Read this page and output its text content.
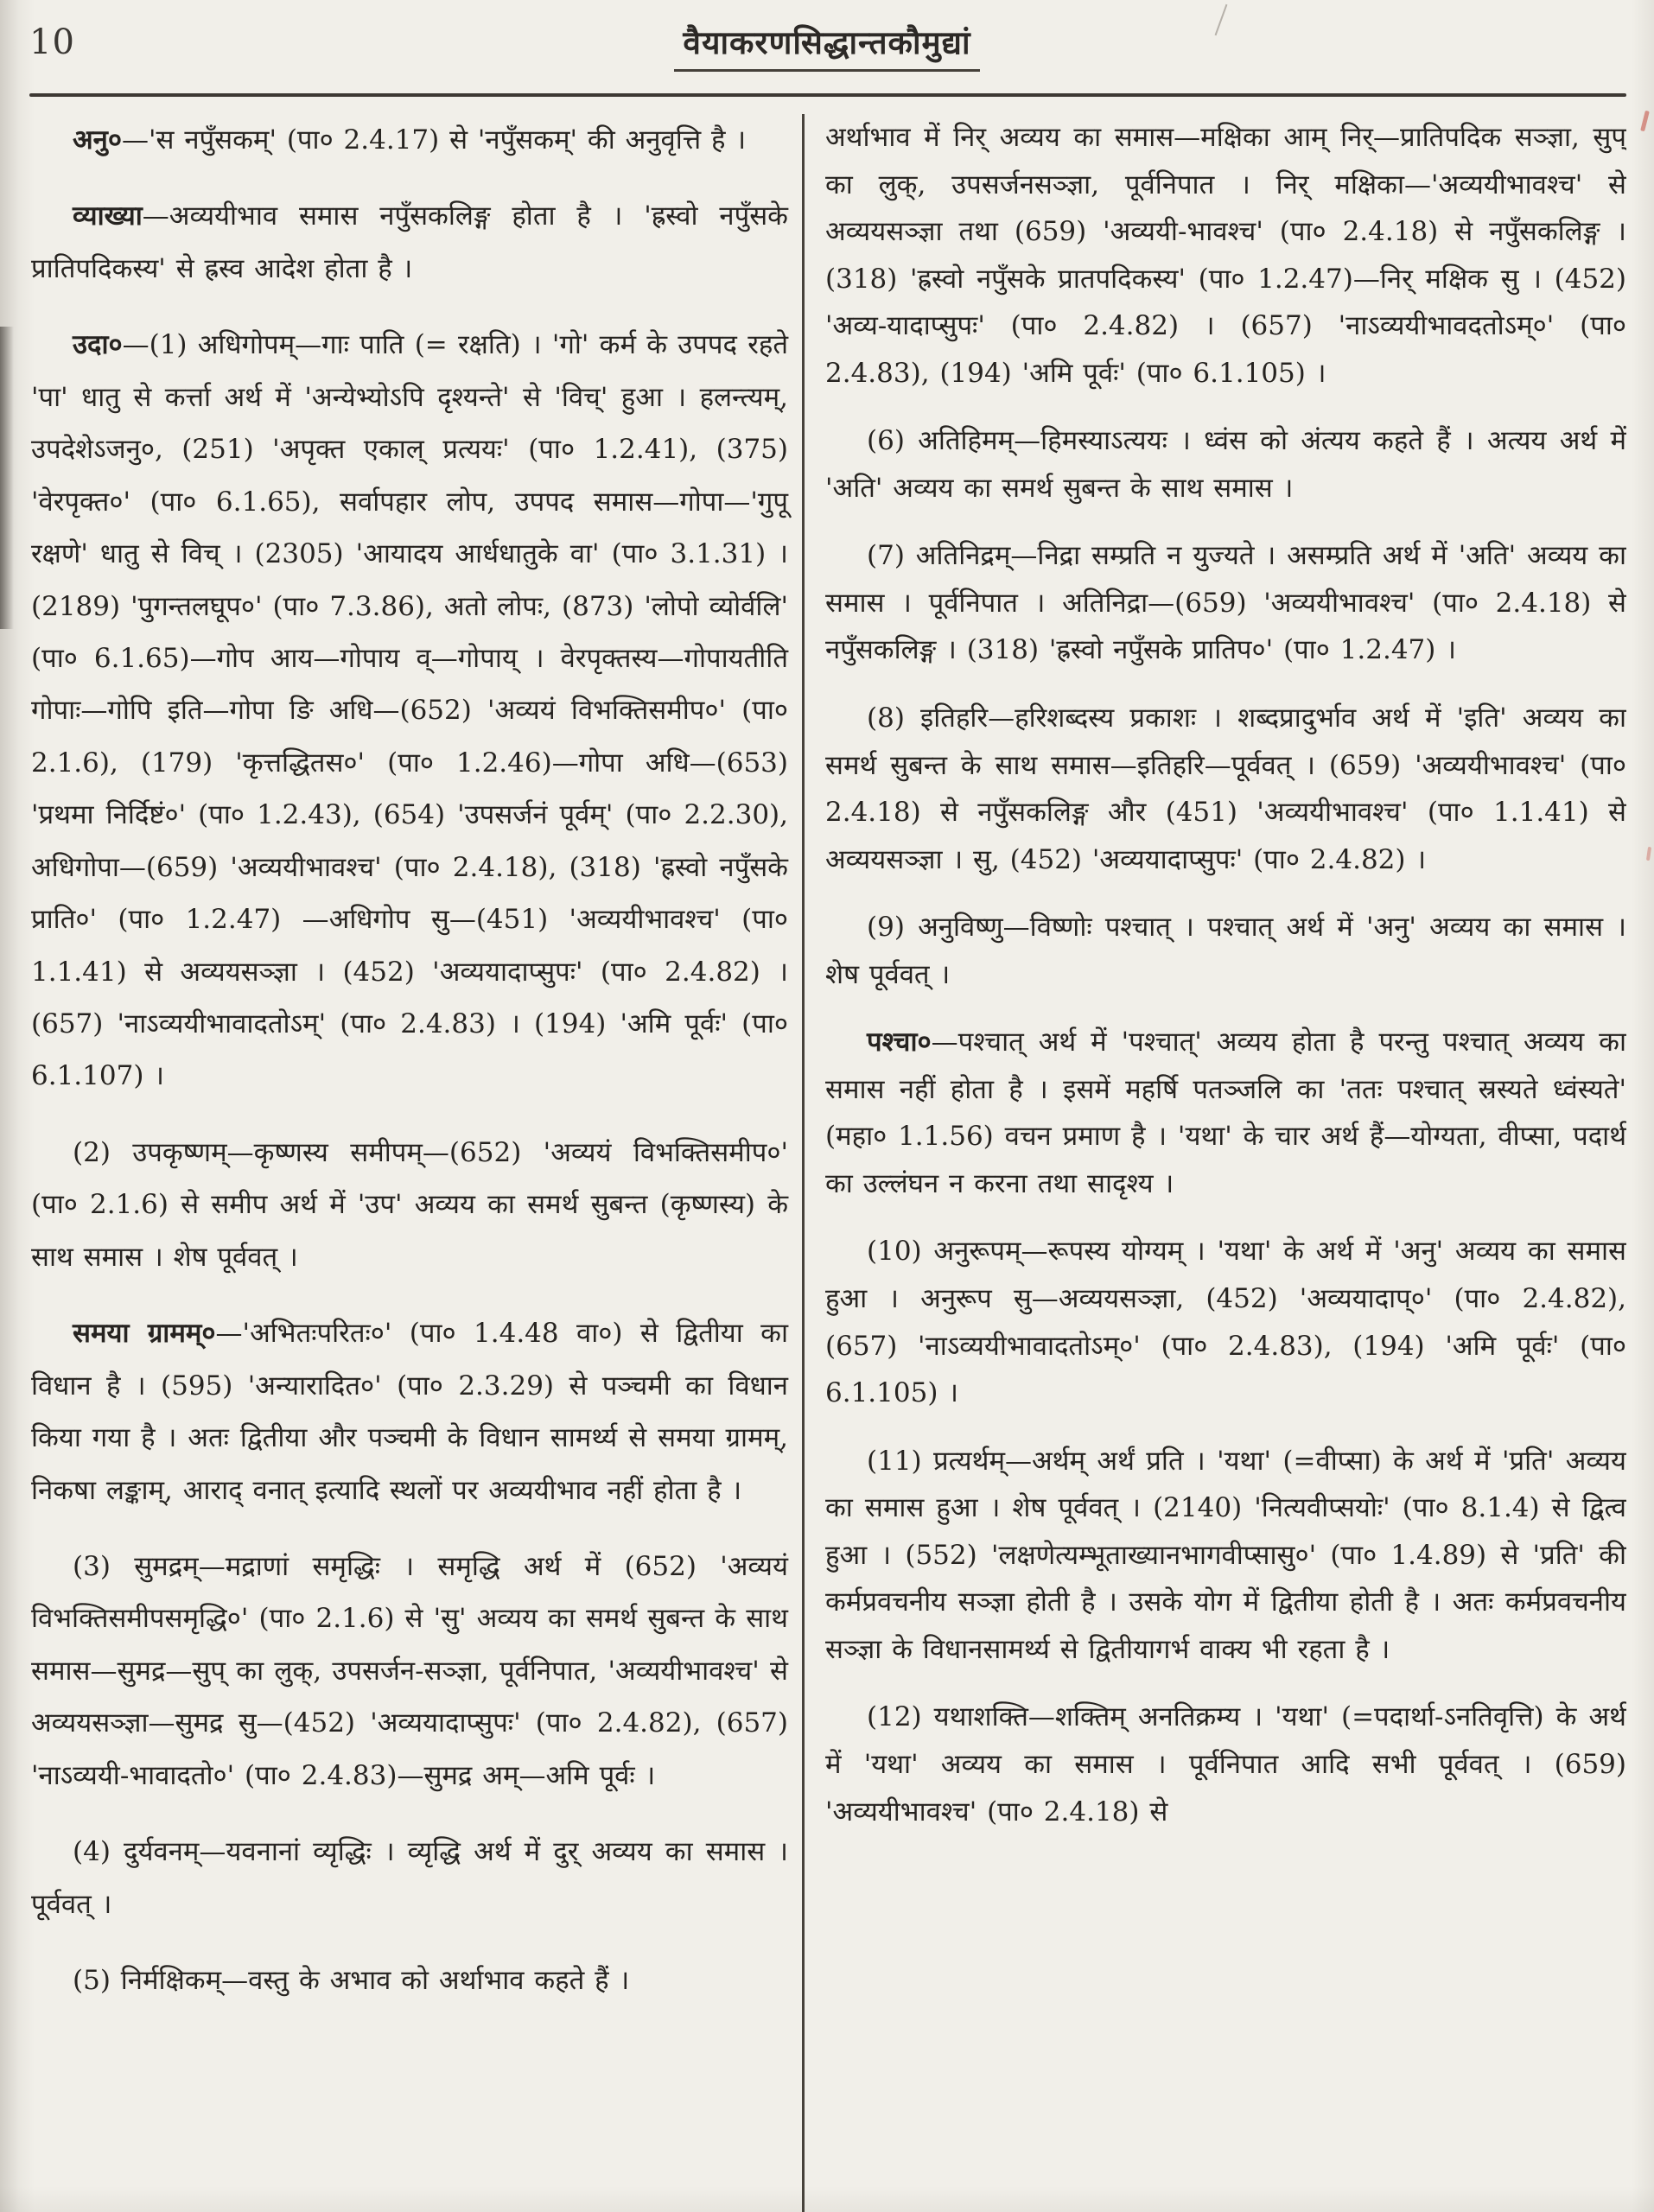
10	वैयाकरणसिद्धान्तकौमुद्यां

अनु०—'स नपुँसकम्' (पा० 2.4.17) से 'नपुँसकम्' की अनुवृत्ति है ।

व्याख्या—अव्ययीभाव समास नपुँसकलिङ्ग होता है । 'ह्रस्वो नपुँसके प्रातिपदिकस्य' से ह्रस्व आदेश होता है ।

उदा०—(1) अधिगोपम्—गाः पाति (= रक्षति) । 'गो' कर्म के उपपद रहते 'पा' धातु से कर्त्ता अर्थ में 'अन्येभ्योऽपि दृश्यन्ते' से 'विच्' हुआ । हलन्त्यम्, उपदेशेऽजनु०, (251) 'अपृक्त एकाल् प्रत्ययः' (पा० 1.2.41), (375) 'वेरपृक्त०' (पा० 6.1.65), सर्वापहार लोप, उपपद समास—गोपा—'गुपू रक्षणे' धातु से विच् । (2305) 'आयादय आर्धधातुके वा' (पा० 3.1.31) । (2189) 'पुगन्तलघूप०' (पा० 7.3.86), अतो लोपः, (873) 'लोपो व्योर्वलि' (पा० 6.1.65)—गोप आय—गोपाय व्—गोपाय् । वेरपृक्तस्य—गोपायतीति गोपाः—गोपि इति—गोपा ङि अधि—(652) 'अव्ययं विभक्तिसमीप०' (पा० 2.1.6), (179) 'कृत्तद्धितस०' (पा० 1.2.46)—गोपा अधि—(653) 'प्रथमा निर्दिष्टं०' (पा० 1.2.43), (654) 'उपसर्जनं पूर्वम्' (पा० 2.2.30), अधिगोपा—(659) 'अव्ययीभावश्च' (पा० 2.4.18), (318) 'ह्रस्वो नपुँसके प्राति०' (पा० 1.2.47) —अधिगोप सु—(451) 'अव्ययीभावश्च' (पा० 1.1.41) से अव्ययसञ्ज्ञा । (452) 'अव्ययादाप्सुपः' (पा० 2.4.82) । (657) 'नाऽव्ययीभावादतोऽम्' (पा० 2.4.83) । (194) 'अमि पूर्वः' (पा० 6.1.107) ।

(2) उपकृष्णम्—कृष्णस्य समीपम्—(652) 'अव्ययं विभक्तिसमीप०' (पा० 2.1.6) से समीप अर्थ में 'उप' अव्यय का समर्थ सुबन्त (कृष्णस्य) के साथ समास । शेष पूर्ववत् ।

समया ग्रामम्०—'अभितःपरितः०' (पा० 1.4.48 वा०) से द्वितीया का विधान है । (595) 'अन्यारादित०' (पा० 2.3.29) से पञ्चमी का विधान किया गया है । अतः द्वितीया और पञ्चमी के विधान सामर्थ्य से समया ग्रामम्, निकषा लङ्काम्, आराद् वनात् इत्यादि स्थलों पर अव्ययीभाव नहीं होता है ।

(3) सुमद्रम्—मद्राणां समृद्धिः । समृद्धि अर्थ में (652) 'अव्ययं विभक्तिसमीपसमृद्धि०' (पा० 2.1.6) से 'सु' अव्यय का समर्थ सुबन्त के साथ समास—सुमद्र—सुप् का लुक्, उपसर्जन-सञ्ज्ञा, पूर्वनिपात, 'अव्ययीभावश्च' से अव्ययसञ्ज्ञा—सुमद्र सु—(452) 'अव्ययादाप्सुपः' (पा० 2.4.82), (657) 'नाऽव्ययी-भावादतो०' (पा० 2.4.83)—सुमद्र अम्—अमि पूर्वः ।

(4) दुर्यवनम्—यवनानां व्यृद्धिः । व्यृद्धि अर्थ में दुर् अव्यय का समास । पूर्ववत् ।

(5) निर्मक्षिकम्—वस्तु के अभाव को अर्थाभाव कहते हैं ।

अर्थाभाव में निर् अव्यय का समास—मक्षिका आम् निर्—प्रातिपदिक सञ्ज्ञा, सुप् का लुक्, उपसर्जनसञ्ज्ञा, पूर्वनिपात । निर् मक्षिका—'अव्ययीभावश्च' से अव्ययसञ्ज्ञा तथा (659) 'अव्ययी-भावश्च' (पा० 2.4.18) से नपुँसकलिङ्ग । (318) 'ह्रस्वो नपुँसके प्रातपदिकस्य' (पा० 1.2.47)—निर् मक्षिक सु । (452) 'अव्य-यादाप्सुपः' (पा० 2.4.82) । (657) 'नाऽव्ययीभावदतोऽम्०' (पा० 2.4.83), (194) 'अमि पूर्वः' (पा० 6.1.105) ।

(6) अतिहिमम्—हिमस्याऽत्ययः । ध्वंस को अंत्यय कहते हैं । अत्यय अर्थ में 'अति' अव्यय का समर्थ सुबन्त के साथ समास ।

(7) अतिनिद्रम्—निद्रा सम्प्रति न युज्यते । असम्प्रति अर्थ में 'अति' अव्यय का समास । पूर्वनिपात । अतिनिद्रा—(659) 'अव्ययीभावश्च' (पा० 2.4.18) से नपुँसकलिङ्ग । (318) 'ह्रस्वो नपुँसके प्रातिप०' (पा० 1.2.47) ।

(8) इतिहरि—हरिशब्दस्य प्रकाशः । शब्दप्रादुर्भाव अर्थ में 'इति' अव्यय का समर्थ सुबन्त के साथ समास—इतिहरि—पूर्ववत् । (659) 'अव्ययीभावश्च' (पा० 2.4.18) से नपुँसकलिङ्ग और (451) 'अव्ययीभावश्च' (पा० 1.1.41) से अव्ययसञ्ज्ञा । सु, (452) 'अव्ययादाप्सुपः' (पा० 2.4.82) ।

(9) अनुविष्णु—विष्णोः पश्चात् । पश्चात् अर्थ में 'अनु' अव्यय का समास । शेष पूर्ववत् ।

पश्चा०—पश्चात् अर्थ में 'पश्चात्' अव्यय होता है परन्तु पश्चात् अव्यय का समास नहीं होता है । इसमें महर्षि पतञ्जलि का 'ततः पश्चात् स्रस्यते ध्वंस्यते' (महा० 1.1.56) वचन प्रमाण है । 'यथा' के चार अर्थ हैं—योग्यता, वीप्सा, पदार्थ का उल्लंघन न करना तथा सादृश्य ।

(10) अनुरूपम्—रूपस्य योग्यम् । 'यथा' के अर्थ में 'अनु' अव्यय का समास हुआ । अनुरूप सु—अव्ययसञ्ज्ञा, (452) 'अव्ययादाप्०' (पा० 2.4.82), (657) 'नाऽव्ययीभावादतोऽम्०' (पा० 2.4.83), (194) 'अमि पूर्वः' (पा० 6.1.105) ।

(11) प्रत्यर्थम्—अर्थम् अर्थं प्रति । 'यथा' (=वीप्सा) के अर्थ में 'प्रति' अव्यय का समास हुआ । शेष पूर्ववत् । (2140) 'नित्यवीप्सयोः' (पा० 8.1.4) से द्वित्व हुआ । (552) 'लक्षणेत्यम्भूताख्यानभागवीप्सासु०' (पा० 1.4.89) से 'प्रति' की कर्मप्रवचनीय सञ्ज्ञा होती है । उसके योग में द्वितीया होती है । अतः कर्मप्रवचनीय सञ्ज्ञा के विधानसामर्थ्य से द्वितीयागर्भ वाक्य भी रहता है ।

(12) यथाशक्ति—शक्तिम् अनतिक्रम्य । 'यथा' (=पदार्था-ऽनतिवृत्ति) के अर्थ में 'यथा' अव्यय का समास । पूर्वनिपात आदि सभी पूर्ववत् । (659) 'अव्ययीभावश्च' (पा० 2.4.18) से
